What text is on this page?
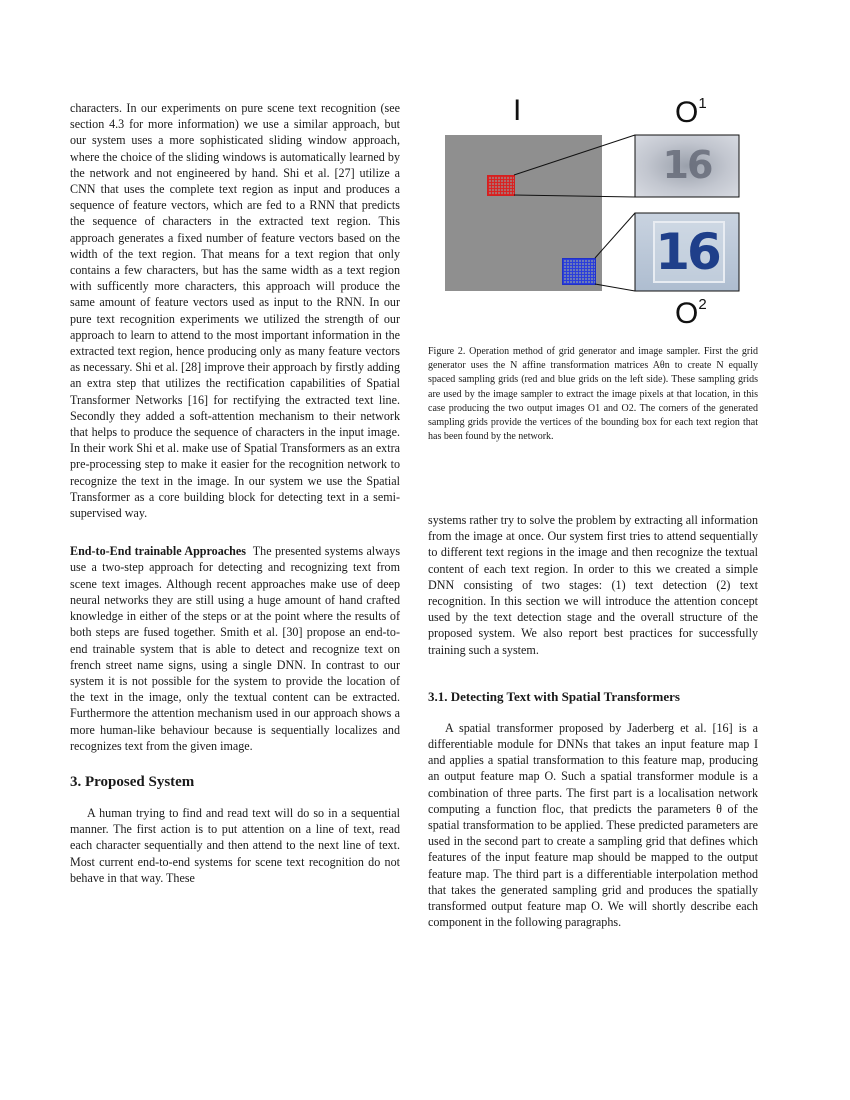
I	$O^1$
16
16
$O^2$

Figure 2. Operation method of grid generator and image sampler. First the grid generator uses the N affine transformation matrices Aθn to create N equally spaced sampling grids (red and blue grids on the left side). These sampling grids are used by the image sampler to extract the image pixels at that location, in this case producing the two output images O1 and O2. The corners of the generated sampling grids provide the vertices of the bounding box for each text region that has been found by the network.

characters. In our experiments on pure scene text recognition (see section 4.3 for more information) we use a similar approach, but our system uses a more sophisticated sliding window approach, where the choice of the sliding windows is automatically learned by the network and not engineered by hand. Shi et al. [27] utilize a CNN that uses the complete text region as input and produces a sequence of feature vectors, which are fed to a RNN that predicts the sequence of characters in the extracted text region. This approach generates a fixed number of feature vectors based on the width of the text region. That means for a text region that only contains a few characters, but has the same width as a text region with sufficently more characters, this approach will produce the same amount of feature vectors used as input to the RNN. In our pure text recognition experiments we utilized the strength of our approach to learn to attend to the most important information in the extracted text region, hence producing only as many feature vectors as necessary. Shi et al. [28] improve their approach by firstly adding an extra step that utilizes the rectification capabilities of Spatial Transformer Networks [16] for rectifying the extracted text line. Secondly they added a soft-attention mechanism to their network that helps to produce the sequence of characters in the input image. In their work Shi et al. make use of Spatial Transformers as an extra pre-processing step to make it easier for the recognition network to recognize the text in the image. In our system we use the Spatial Transformer as a core building block for detecting text in a semi-supervised way.

End-to-End trainable Approaches The presented systems always use a two-step approach for detecting and recognizing text from scene text images. Although recent approaches make use of deep neural networks they are still using a huge amount of hand crafted knowledge in either of the steps or at the point where the results of both steps are fused together. Smith et al. [30] propose an end-to-end trainable system that is able to detect and recognize text on french street name signs, using a single DNN. In contrast to our system it is not possible for the system to provide the location of the text in the image, only the textual content can be extracted. Furthermore the attention mechanism used in our approach shows a more human-like behaviour because is sequentially localizes and recognizes text from the given image.

3. Proposed System

A human trying to find and read text will do so in a sequential manner. The first action is to put attention on a line of text, read each character sequentially and then attend to the next line of text. Most current end-to-end systems for scene text recognition do not behave in that way. These

systems rather try to solve the problem by extracting all information from the image at once. Our system first tries to attend sequentially to different text regions in the image and then recognize the textual content of each text region. In order to this we created a simple DNN consisting of two stages: (1) text detection (2) text recognition. In this section we will introduce the attention concept used by the text detection stage and the overall structure of the proposed system. We also report best practices for successfully training such a system.

3.1. Detecting Text with Spatial Transformers

A spatial transformer proposed by Jaderberg et al. [16] is a differentiable module for DNNs that takes an input feature map I and applies a spatial transformation to this feature map, producing an output feature map O. Such a spatial transformer module is a combination of three parts. The first part is a localisation network computing a function floc, that predicts the parameters θ of the spatial transformation to be applied. These predicted parameters are used in the second part to create a sampling grid that defines which features of the input feature map should be mapped to the output feature map. The third part is a differentiable interpolation method that takes the generated sampling grid and produces the spatially transformed output feature map O. We will shortly describe each component in the following paragraphs.
